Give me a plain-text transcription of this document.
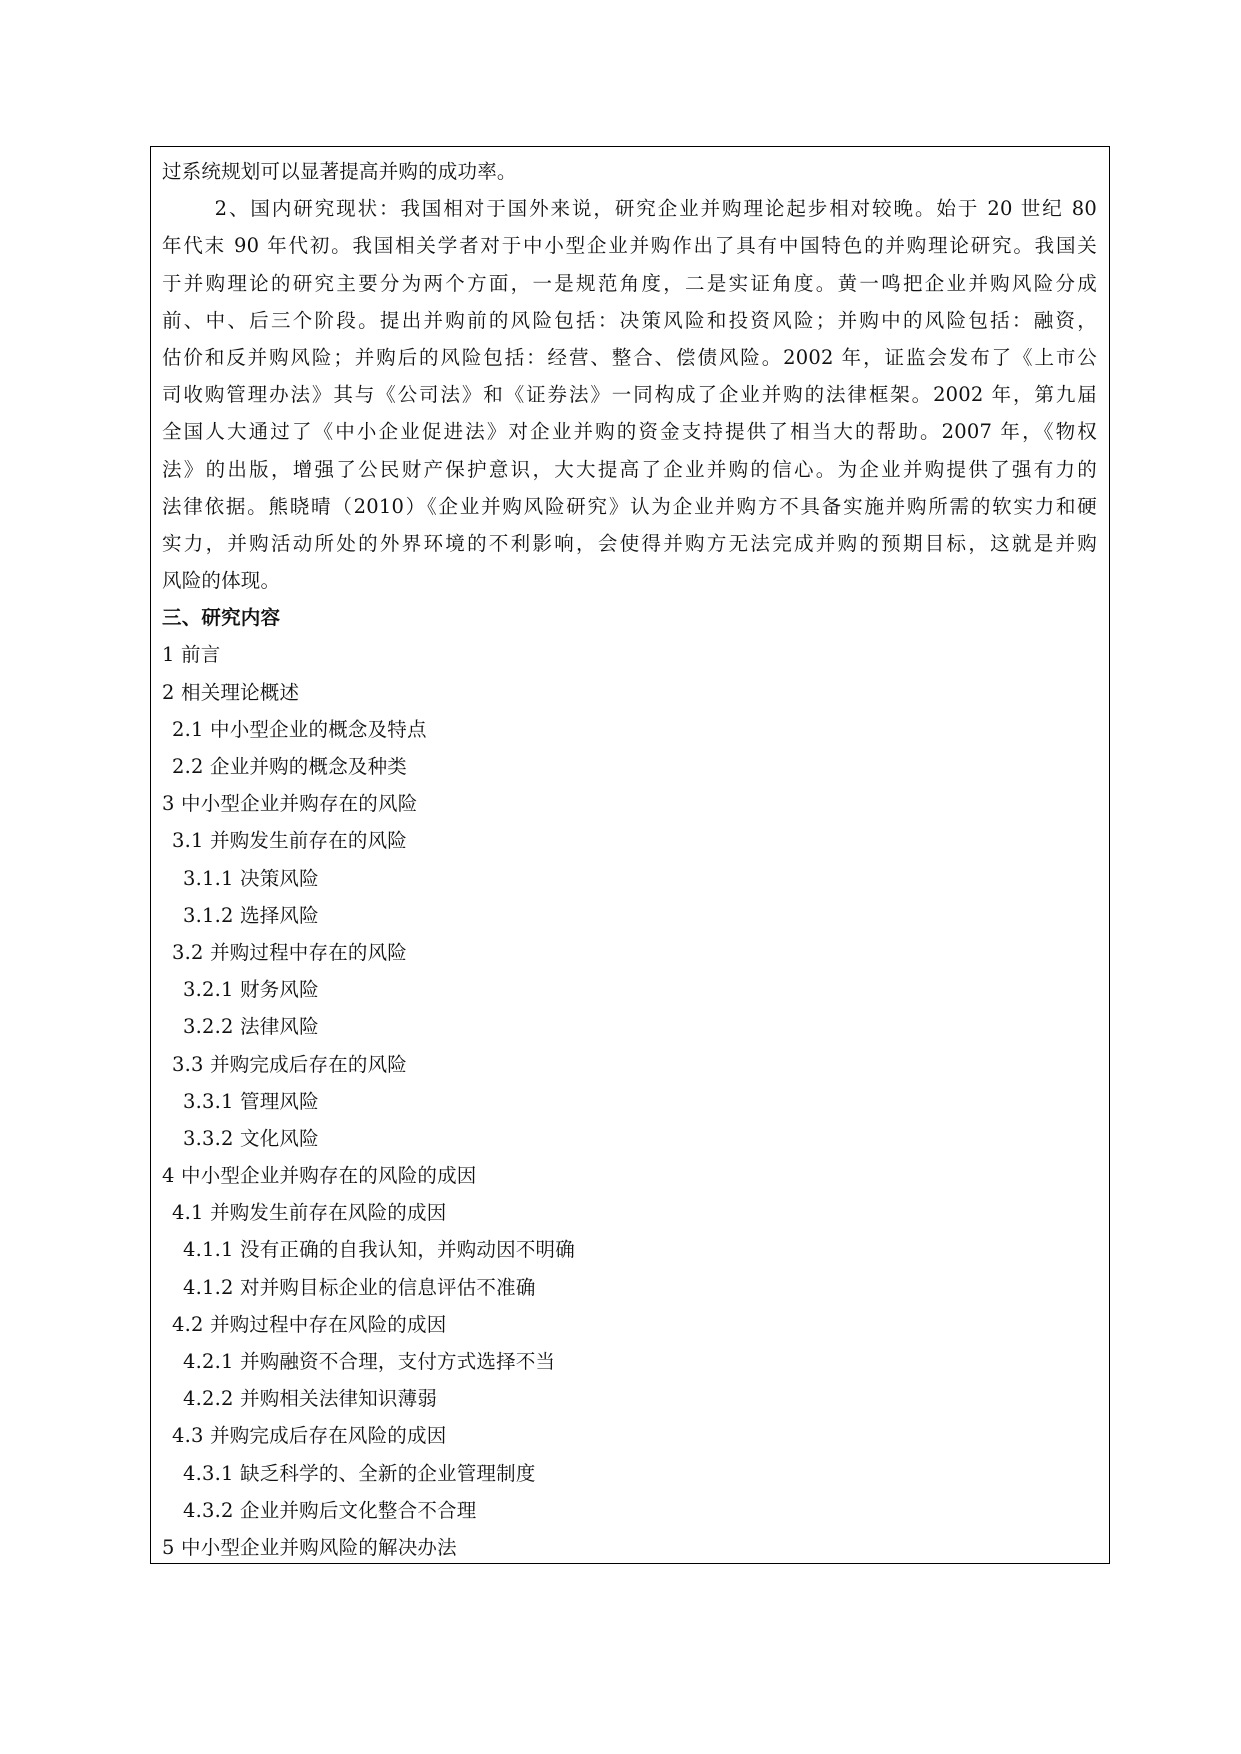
过系统规划可以显著提高并购的成功率。
2、国内研究现状：我国相对于国外来说，研究企业并购理论起步相对较晚。始于 20 世纪 80
年代末 90 年代初。我国相关学者对于中小型企业并购作出了具有中国特色的并购理论研究。我国关
于并购理论的研究主要分为两个方面，一是规范角度，二是实证角度。黄一鸣把企业并购风险分成
前、中、后三个阶段。提出并购前的风险包括：决策风险和投资风险；并购中的风险包括：融资，
估价和反并购风险；并购后的风险包括：经营、整合、偿债风险。2002 年，证监会发布了《上市公
司收购管理办法》其与《公司法》和《证券法》一同构成了企业并购的法律框架。2002 年，第九届
全国人大通过了《中小企业促进法》对企业并购的资金支持提供了相当大的帮助。2007 年，《物权
法》的出版，增强了公民财产保护意识，大大提高了企业并购的信心。为企业并购提供了强有力的
法律依据。熊晓晴（2010）《企业并购风险研究》认为企业并购方不具备实施并购所需的软实力和硬
实力，并购活动所处的外界环境的不利影响，会使得并购方无法完成并购的预期目标，这就是并购
风险的体现。
三、研究内容
1 前言
2 相关理论概述
2.1 中小型企业的概念及特点
2.2 企业并购的概念及种类
3 中小型企业并购存在的风险
3.1 并购发生前存在的风险
3.1.1 决策风险
3.1.2 选择风险
3.2 并购过程中存在的风险
3.2.1 财务风险
3.2.2 法律风险
3.3 并购完成后存在的风险
3.3.1 管理风险
3.3.2 文化风险
4 中小型企业并购存在的风险的成因
4.1 并购发生前存在风险的成因
4.1.1 没有正确的自我认知，并购动因不明确
4.1.2 对并购目标企业的信息评估不准确
4.2 并购过程中存在风险的成因
4.2.1 并购融资不合理，支付方式选择不当
4.2.2 并购相关法律知识薄弱
4.3 并购完成后存在风险的成因
4.3.1 缺乏科学的、全新的企业管理制度
4.3.2 企业并购后文化整合不合理
5 中小型企业并购风险的解决办法
